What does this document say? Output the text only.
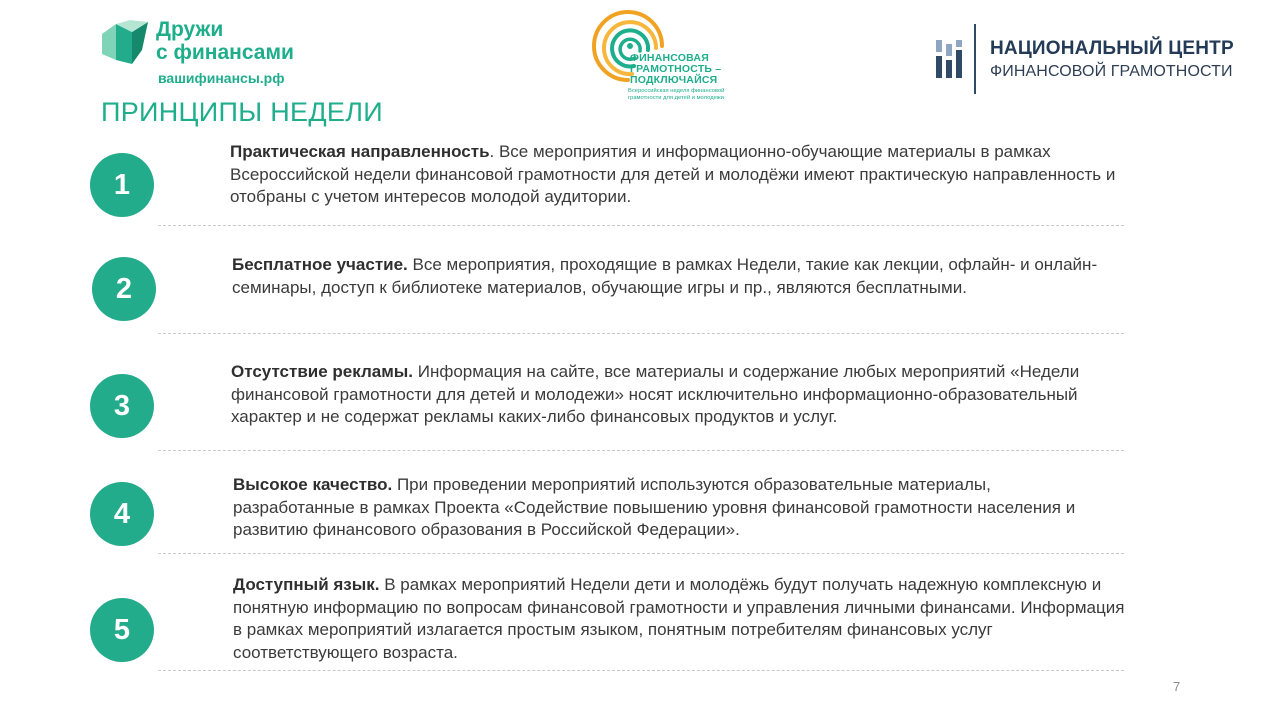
Дружи
с финансами
вашифинансы.рф
ФИНАНСОВАЯ
ГРАМОТНОСТЬ –
ПОДКЛЮЧАЙСЯ
Всероссийская неделя финансовой
грамотности для детей и молодежи
НАЦИОНАЛЬНЫЙ ЦЕНТР
ФИНАНСОВОЙ ГРАМОТНОСТИ
ПРИНЦИПЫ НЕДЕЛИ
1
Практическая направленность. Все мероприятия и информационно-обучающие материалы в рамках Всероссийской недели финансовой грамотности для детей и молодёжи имеют практическую направленность и отобраны с учетом интересов молодой аудитории.
2
Бесплатное участие. Все мероприятия, проходящие в рамках Недели, такие как лекции, офлайн- и онлайн-семинары, доступ к библиотеке материалов, обучающие игры и пр., являются бесплатными.
3
Отсутствие рекламы. Информация на сайте, все материалы и содержание любых мероприятий «Недели финансовой грамотности для детей и молодежи» носят исключительно информационно-образовательный характер и не содержат рекламы каких-либо финансовых продуктов и услуг.
4
Высокое качество. При проведении мероприятий используются образовательные материалы, разработанные в рамках Проекта «Содействие повышению уровня финансовой грамотности населения и развитию финансового образования в Российской Федерации».
5
Доступный язык. В рамках мероприятий Недели дети и молодёжь будут получать надежную комплексную и понятную информацию по вопросам финансовой грамотности и управления личными финансами. Информация в рамках мероприятий излагается простым языком, понятным потребителям финансовых услуг соответствующего возраста.
7
